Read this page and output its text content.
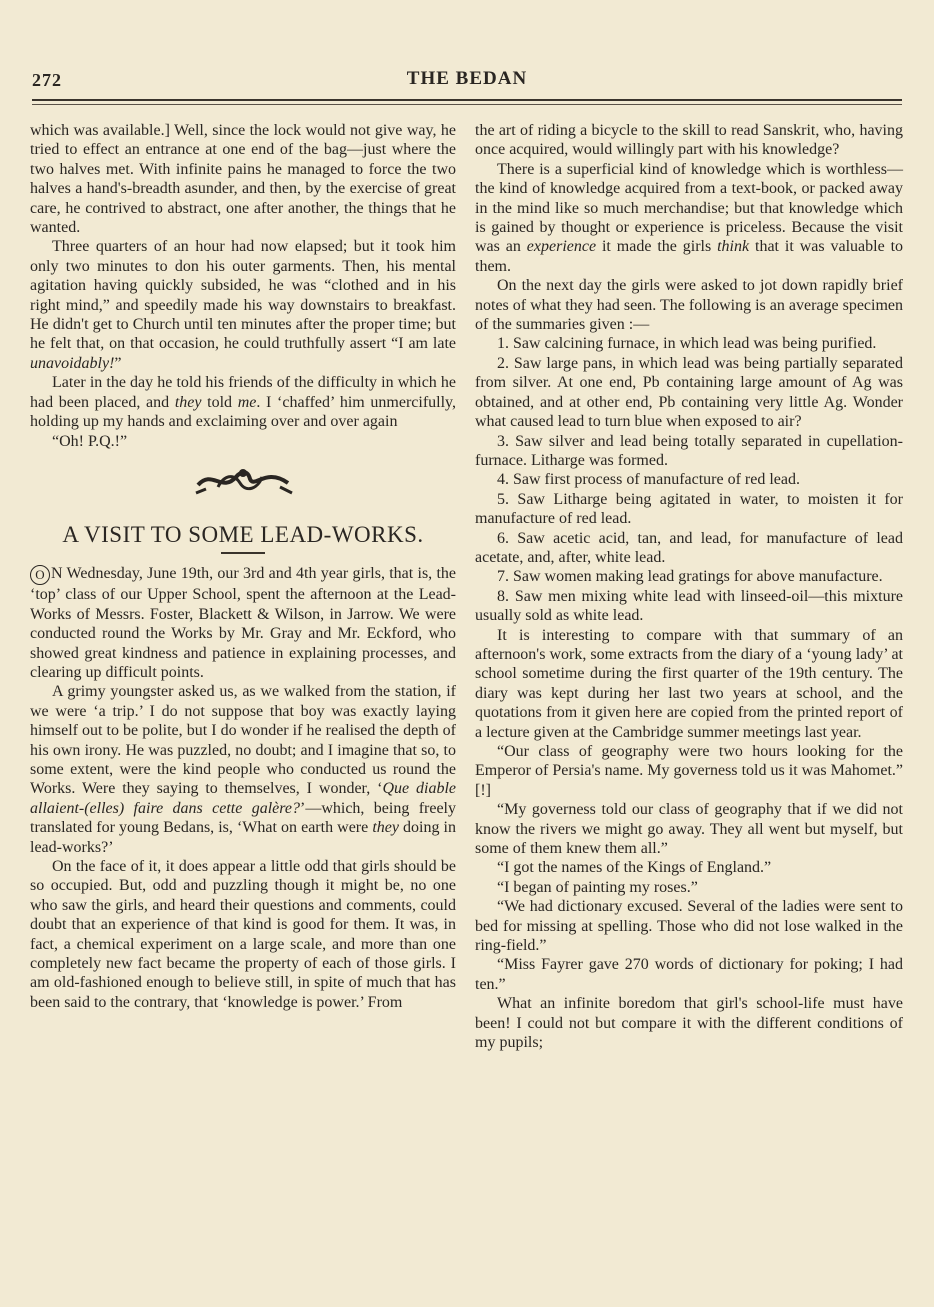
272	THE BEDAN

which was available.] Well, since the lock would not give way, he tried to effect an entrance at one end of the bag—just where the two halves met. With infinite pains he managed to force the two halves a hand's-breadth asunder, and then, by the exercise of great care, he contrived to abstract, one after another, the things that he wanted.

Three quarters of an hour had now elapsed; but it took him only two minutes to don his outer garments. Then, his mental agitation having quickly subsided, he was “clothed and in his right mind,” and speedily made his way downstairs to breakfast. He didn't get to Church until ten minutes after the proper time; but he felt that, on that occasion, he could truthfully assert “I am late unavoidably!”

Later in the day he told his friends of the difficulty in which he had been placed, and they told me. I ‘chaffed’ him unmercifully, holding up my hands and exclaiming over and over again

“Oh! P.Q.!”

A VISIT TO SOME LEAD-WORKS.

O N Wednesday, June 19th, our 3rd and 4th year girls, that is, the ‘top’ class of our Upper School, spent the afternoon at the Lead-Works of Messrs. Foster, Blackett & Wilson, in Jarrow. We were conducted round the Works by Mr. Gray and Mr. Eckford, who showed great kindness and patience in explaining processes, and clearing up difficult points.

A grimy youngster asked us, as we walked from the station, if we were ‘a trip.’ I do not suppose that boy was exactly laying himself out to be polite, but I do wonder if he realised the depth of his own irony. He was puzzled, no doubt; and I imagine that so, to some extent, were the kind people who conducted us round the Works. Were they saying to themselves, I wonder, ‘Que diable allaient-(elles) faire dans cette galère?’—which, being freely translated for young Bedans, is, ‘What on earth were they doing in lead-works?’

On the face of it, it does appear a little odd that girls should be so occupied. But, odd and puzzling though it might be, no one who saw the girls, and heard their questions and comments, could doubt that an experience of that kind is good for them. It was, in fact, a chemical experiment on a large scale, and more than one completely new fact became the property of each of those girls. I am old-fashioned enough to believe still, in spite of much that has been said to the contrary, that ‘knowledge is power.’ From

the art of riding a bicycle to the skill to read Sanskrit, who, having once acquired, would willingly part with his knowledge?

There is a superficial kind of knowledge which is worthless—the kind of knowledge acquired from a text-book, or packed away in the mind like so much merchandise; but that knowledge which is gained by thought or experience is priceless. Because the visit was an experience it made the girls think that it was valuable to them.

On the next day the girls were asked to jot down rapidly brief notes of what they had seen. The following is an average specimen of the summaries given :—

1. Saw calcining furnace, in which lead was being purified.

2. Saw large pans, in which lead was being partially separated from silver. At one end, Pb containing large amount of Ag was obtained, and at other end, Pb containing very little Ag. Wonder what caused lead to turn blue when exposed to air?

3. Saw silver and lead being totally separated in cupellation-furnace. Litharge was formed.

4. Saw first process of manufacture of red lead.

5. Saw Litharge being agitated in water, to moisten it for manufacture of red lead.

6. Saw acetic acid, tan, and lead, for manufacture of lead acetate, and, after, white lead.

7. Saw women making lead gratings for above manufacture.

8. Saw men mixing white lead with linseed-oil—this mixture usually sold as white lead.

It is interesting to compare with that summary of an afternoon's work, some extracts from the diary of a ‘young lady’ at school sometime during the first quarter of the 19th century. The diary was kept during her last two years at school, and the quotations from it given here are copied from the printed report of a lecture given at the Cambridge summer meetings last year.

“Our class of geography were two hours looking for the Emperor of Persia's name. My governess told us it was Mahomet.” [!]

“My governess told our class of geography that if we did not know the rivers we might go away. They all went but myself, but some of them knew them all.”

“I got the names of the Kings of England.”

“I began of painting my roses.”

“We had dictionary excused. Several of the ladies were sent to bed for missing at spelling. Those who did not lose walked in the ring-field.”

“Miss Fayrer gave 270 words of dictionary for poking; I had ten.”

What an infinite boredom that girl's school-life must have been! I could not but compare it with the different conditions of my pupils;
